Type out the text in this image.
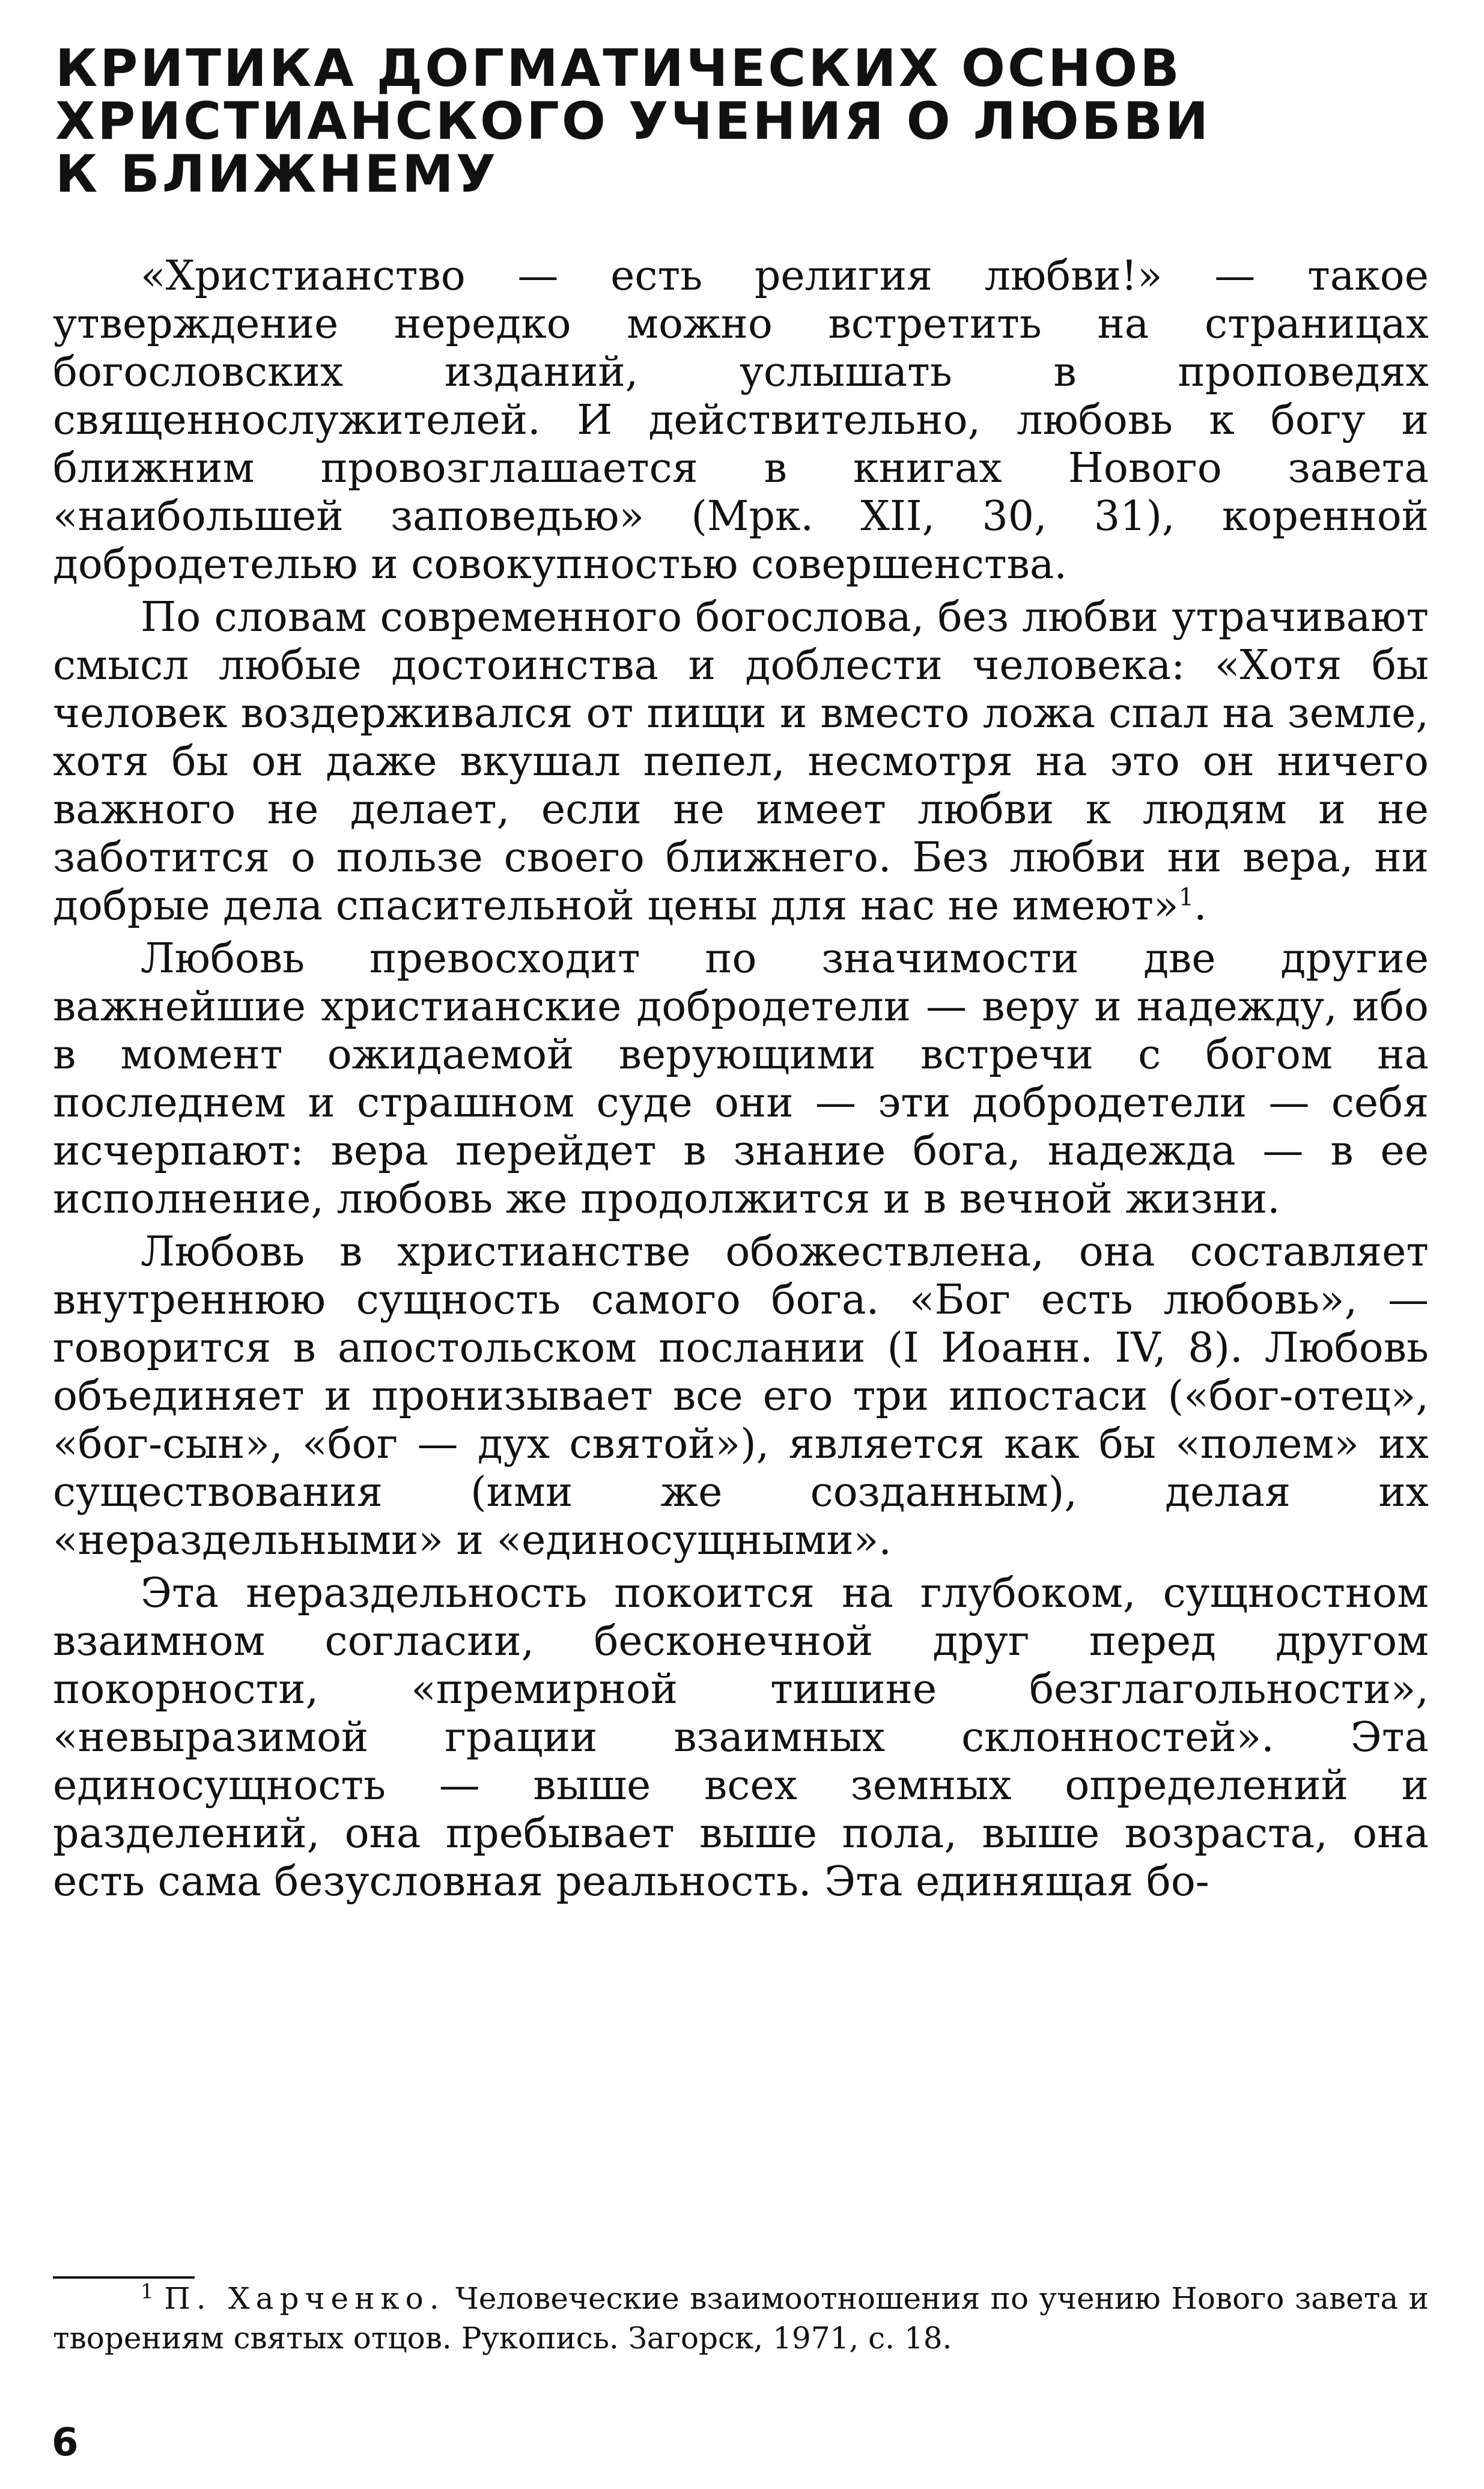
КРИТИКА ДОГМАТИЧЕСКИХ ОСНОВ
ХРИСТИАНСКОГО УЧЕНИЯ О ЛЮБВИ
К БЛИЖНЕМУ

«Христианство — есть религия любви!» — такое утверждение нередко можно встретить на страницах богословских изданий, услышать в проповедях священнослужителей. И действительно, любовь к богу и ближним провозглашается в книгах Нового завета «наибольшей заповедью» (Мрк. XII, 30, 31), коренной добродетелью и совокупностью совершенства.

По словам современного богослова, без любви утрачивают смысл любые достоинства и доблести человека: «Хотя бы человек воздерживался от пищи и вместо ложа спал на земле, хотя бы он даже вкушал пепел, несмотря на это он ничего важного не делает, если не имеет любви к людям и не заботится о пользе своего ближнего. Без любви ни вера, ни добрые дела спасительной цены для нас не имеют»$^1$.

Любовь превосходит по значимости две другие важнейшие христианские добродетели — веру и надежду, ибо в момент ожидаемой верующими встречи с богом на последнем и страшном суде они — эти добродетели — себя исчерпают: вера перейдет в знание бога, надежда — в ее исполнение, любовь же продолжится и в вечной жизни.

Любовь в христианстве обожествлена, она составляет внутреннюю сущность самого бога. «Бог есть любовь», — говорится в апостольском послании (I Иоанн. IV, 8). Любовь объединяет и пронизывает все его три ипостаси («бог-отец», «бог-сын», «бог — дух святой»), является как бы «полем» их существования (ими же созданным), делая их «нераздельными» и «единосущными».

Эта нераздельность покоится на глубоком, сущностном взаимном согласии, бесконечной друг перед другом покорности, «премирной тишине безглагольности», «невыразимой грации взаимных склонностей». Эта единосущность — выше всех земных определений и разделений, она пребывает выше пола, выше возраста, она есть сама безусловная реальность. Эта единящая бо-

$^1$ П. Харченко. Человеческие взаимоотношения по учению Нового завета и творениям святых отцов. Рукопись. Загорск, 1971, с. 18.

6
